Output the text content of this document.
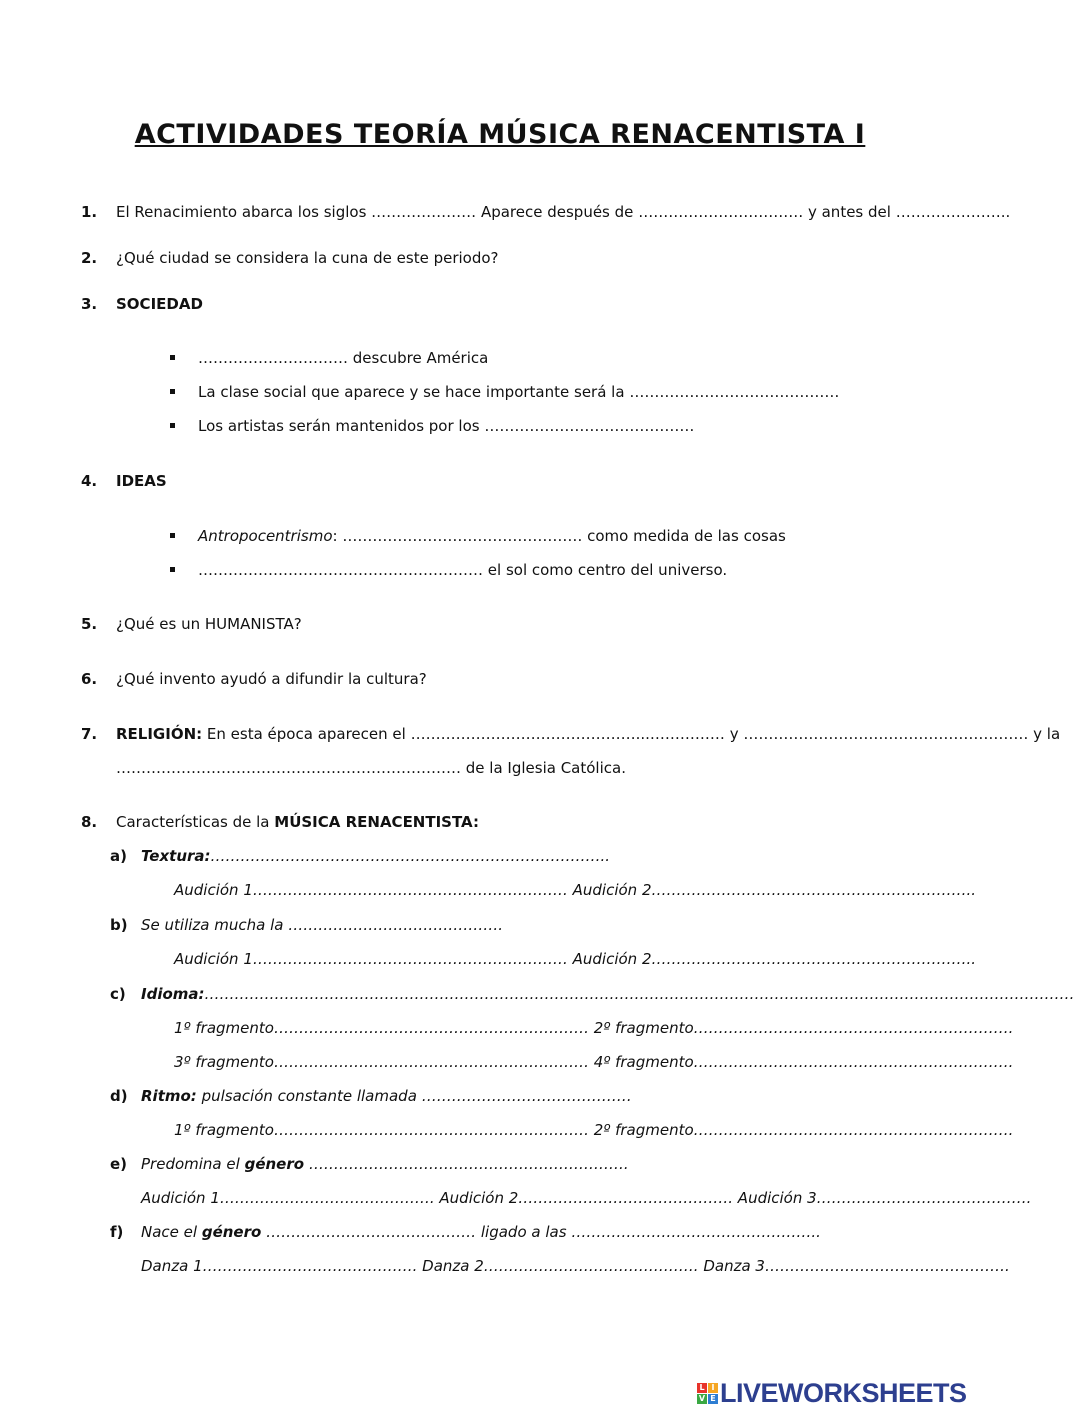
ACTIVIDADES TEORÍA MÚSICA RENACENTISTA I
1. El Renacimiento abarca los siglos ………………… Aparece después de …………………………… y antes del …………………..
2. ¿Qué ciudad se considera la cuna de este periodo?
3. SOCIEDAD
………………………… descubre América
La clase social que aparece y se hace importante será la ……………………………………
Los artistas serán mantenidos por los ……………………………………
4. IDEAS
Antropocentrismo: ………………………………………… como medida de las cosas
………………………………………………… el sol como centro del universo.
5. ¿Qué es un HUMANISTA?
6. ¿Qué invento ayudó a difundir la cultura?
7. RELIGIÓN: En esta época aparecen el ………………………………………...…………… y ………………………………………………… y la
…………………………………………………………… de la Iglesia Católica.
8. Características de la MÚSICA RENACENTISTA:
a) Textura:……………………………………………………………………..
Audición 1……………………………………………………… Audición 2………………………………………………………..
b) Se utiliza mucha la …………………………………….
Audición 1……………………………………………………… Audición 2………………………………………………………..
c) Idioma:…………………………………………………………………………………………………………………………………………………………
1º fragmento……………………………………………………… 2º fragmento……………………………………………………….
3º fragmento……………………………………………………… 4º fragmento……………………………………………………….
d) Ritmo: pulsación constante llamada ……………………………………
1º fragmento……………………………………………………… 2º fragmento……………………………………………………….
e) Predomina el género ……………………………………………………….
Audición 1……………………………………. Audición 2……………………………………. Audición 3…………………………………….
f) Nace el género …………………………………… ligado a las …………………………………………..
Danza 1……………………………………. Danza 2……………………………………. Danza 3………………………………………….
L I
V E LIVEWORKSHEETS
